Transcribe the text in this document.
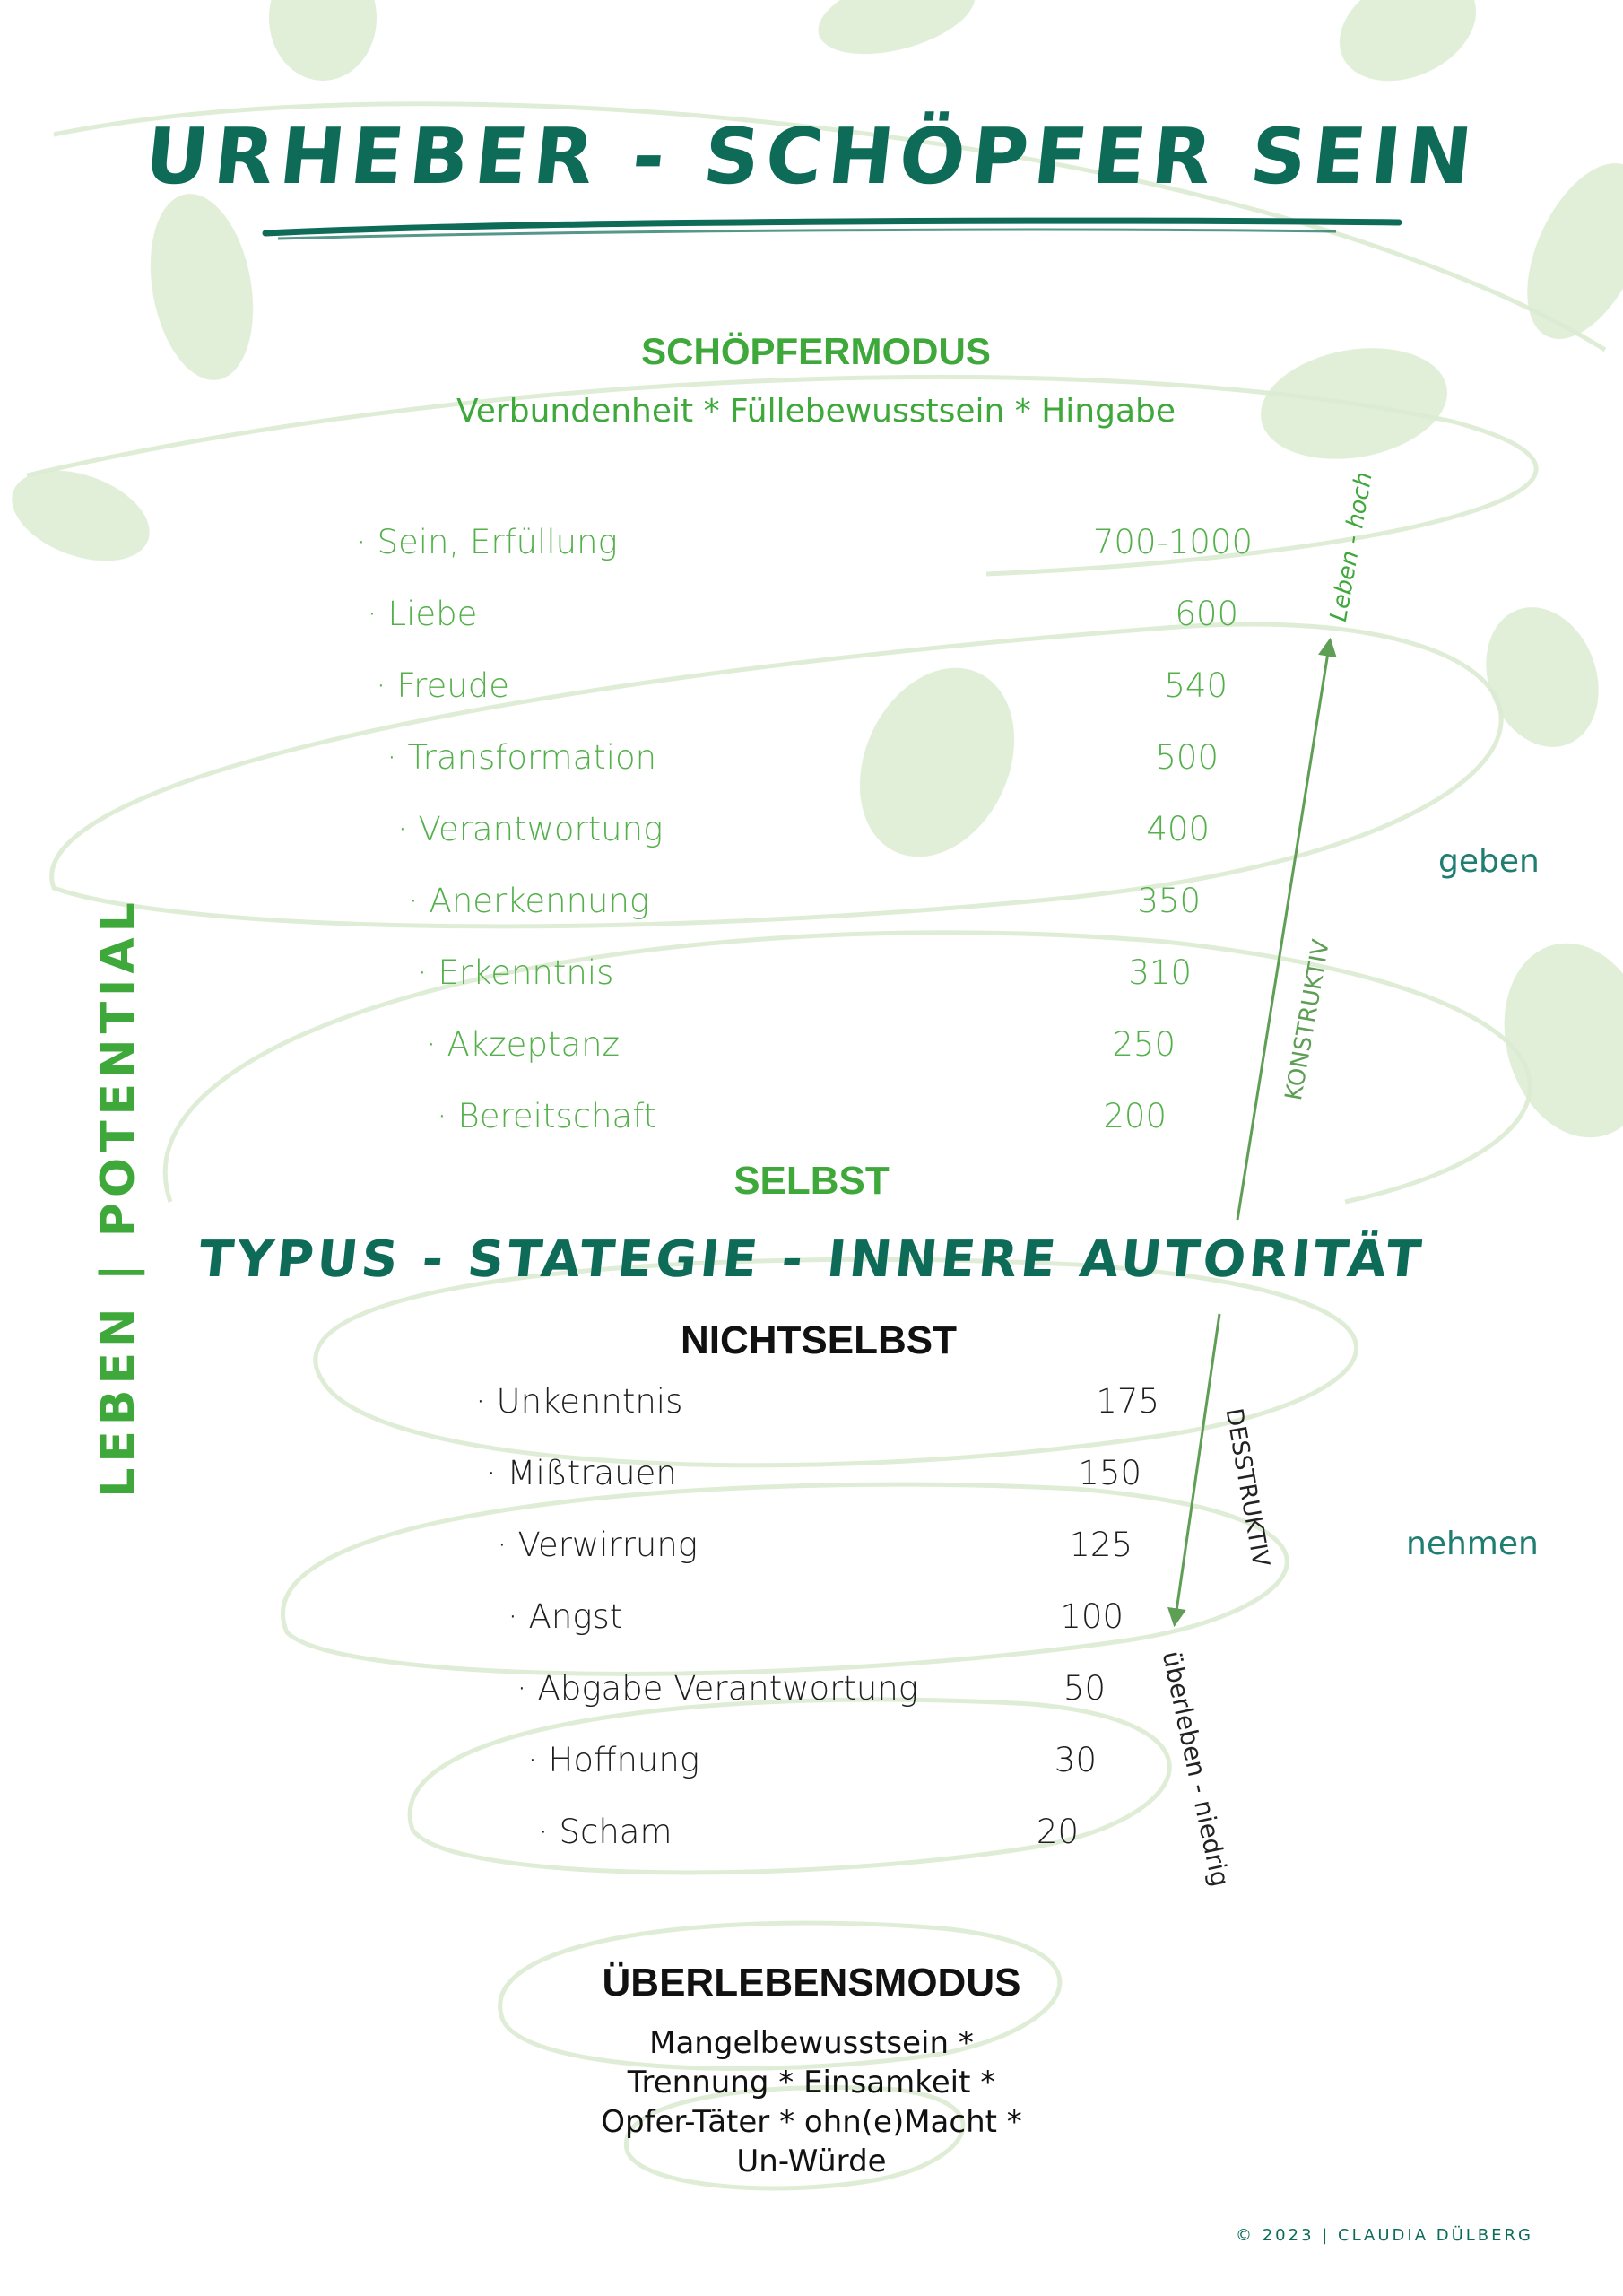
URHEBER - SCHÖPFER SEIN
SCHÖPFERMODUS
Verbundenheit * Füllebewusstsein * Hingabe
· Sein, Erfüllung	700-1000
· Liebe	600
· Freude	540
· Transformation	500
· Verantwortung	400
· Anerkennung	350
· Erkenntnis	310
· Akzeptanz	250
· Bereitschaft	200
SELBST
TYPUS - STATEGIE - INNERE AUTORITÄT
NICHTSELBST
· Unkenntnis	175
· Mißtrauen	150
· Verwirrung	125
· Angst	100
· Abgabe Verantwortung	50
· Hoffnung	30
· Scham	20
ÜBERLEBENSMODUS
Mangelbewusstsein *
Trennung * Einsamkeit *
Opfer-Täter * ohn(e)Macht *
Un-Würde
LEBEN | POTENTIAL
geben
nehmen
Leben - hoch
KONSTRUKTIV
DESSTRUKTIV
überleben - niedrig
© 2023 | CLAUDIA DÜLBERG
